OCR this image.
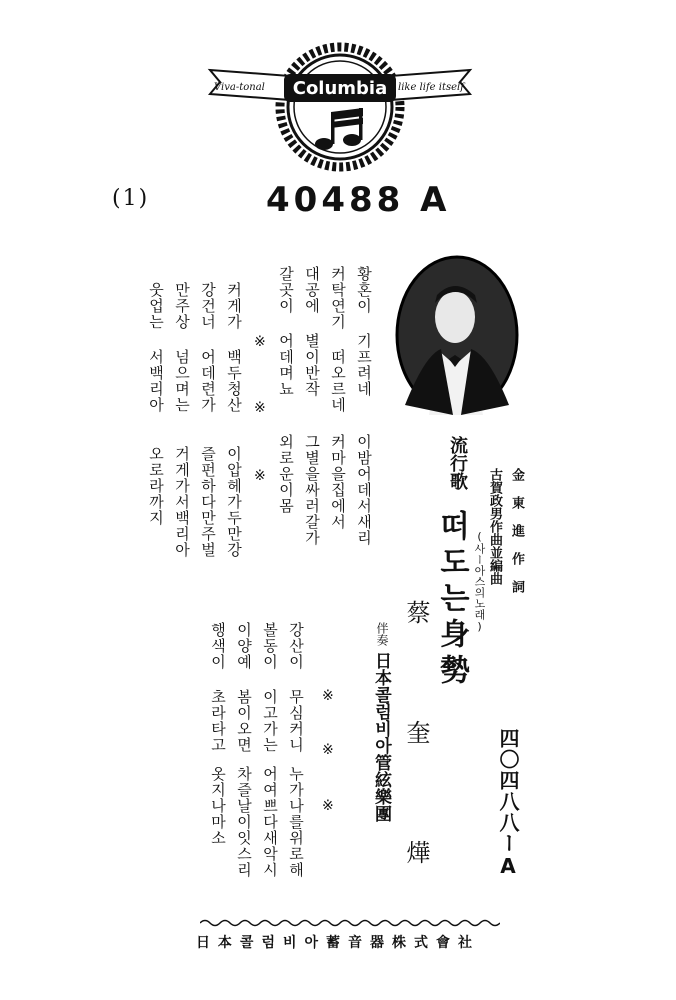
Viva-tonal Columbia like life itself
(1)	40488 A
황혼이 기프려네
커탁연기 떠오르네
대공에 별이반작
갈곳이 어데며뇨
이밤어데서새리
커마을집에서
그별을싸러갈가
외로운이몸
※
※
※
커게가 백두청산
강건너 어데련가
만주상 넘으며는
웃업는 서백리아
이압헤가두만강
즐펀하다만주벌
거게가서백리아
오로라까지	金 東 進 作 詞
古賀政男作曲並編曲
流行歌
떠도는身勢 (사ー아스의노래)
蔡 奎 燁
伴奏
日本콜럼비아管絃樂團	四〇四八八ーA
강산이 무심커니
볼동이 이고가는
이양예 봄이오면
행색이 초라타고
누가나를위로해
어여쁘다새악시
차즐날이잇스리
옷지나마소
※
※
※
日本콜럼비아蓄音器株式會社
